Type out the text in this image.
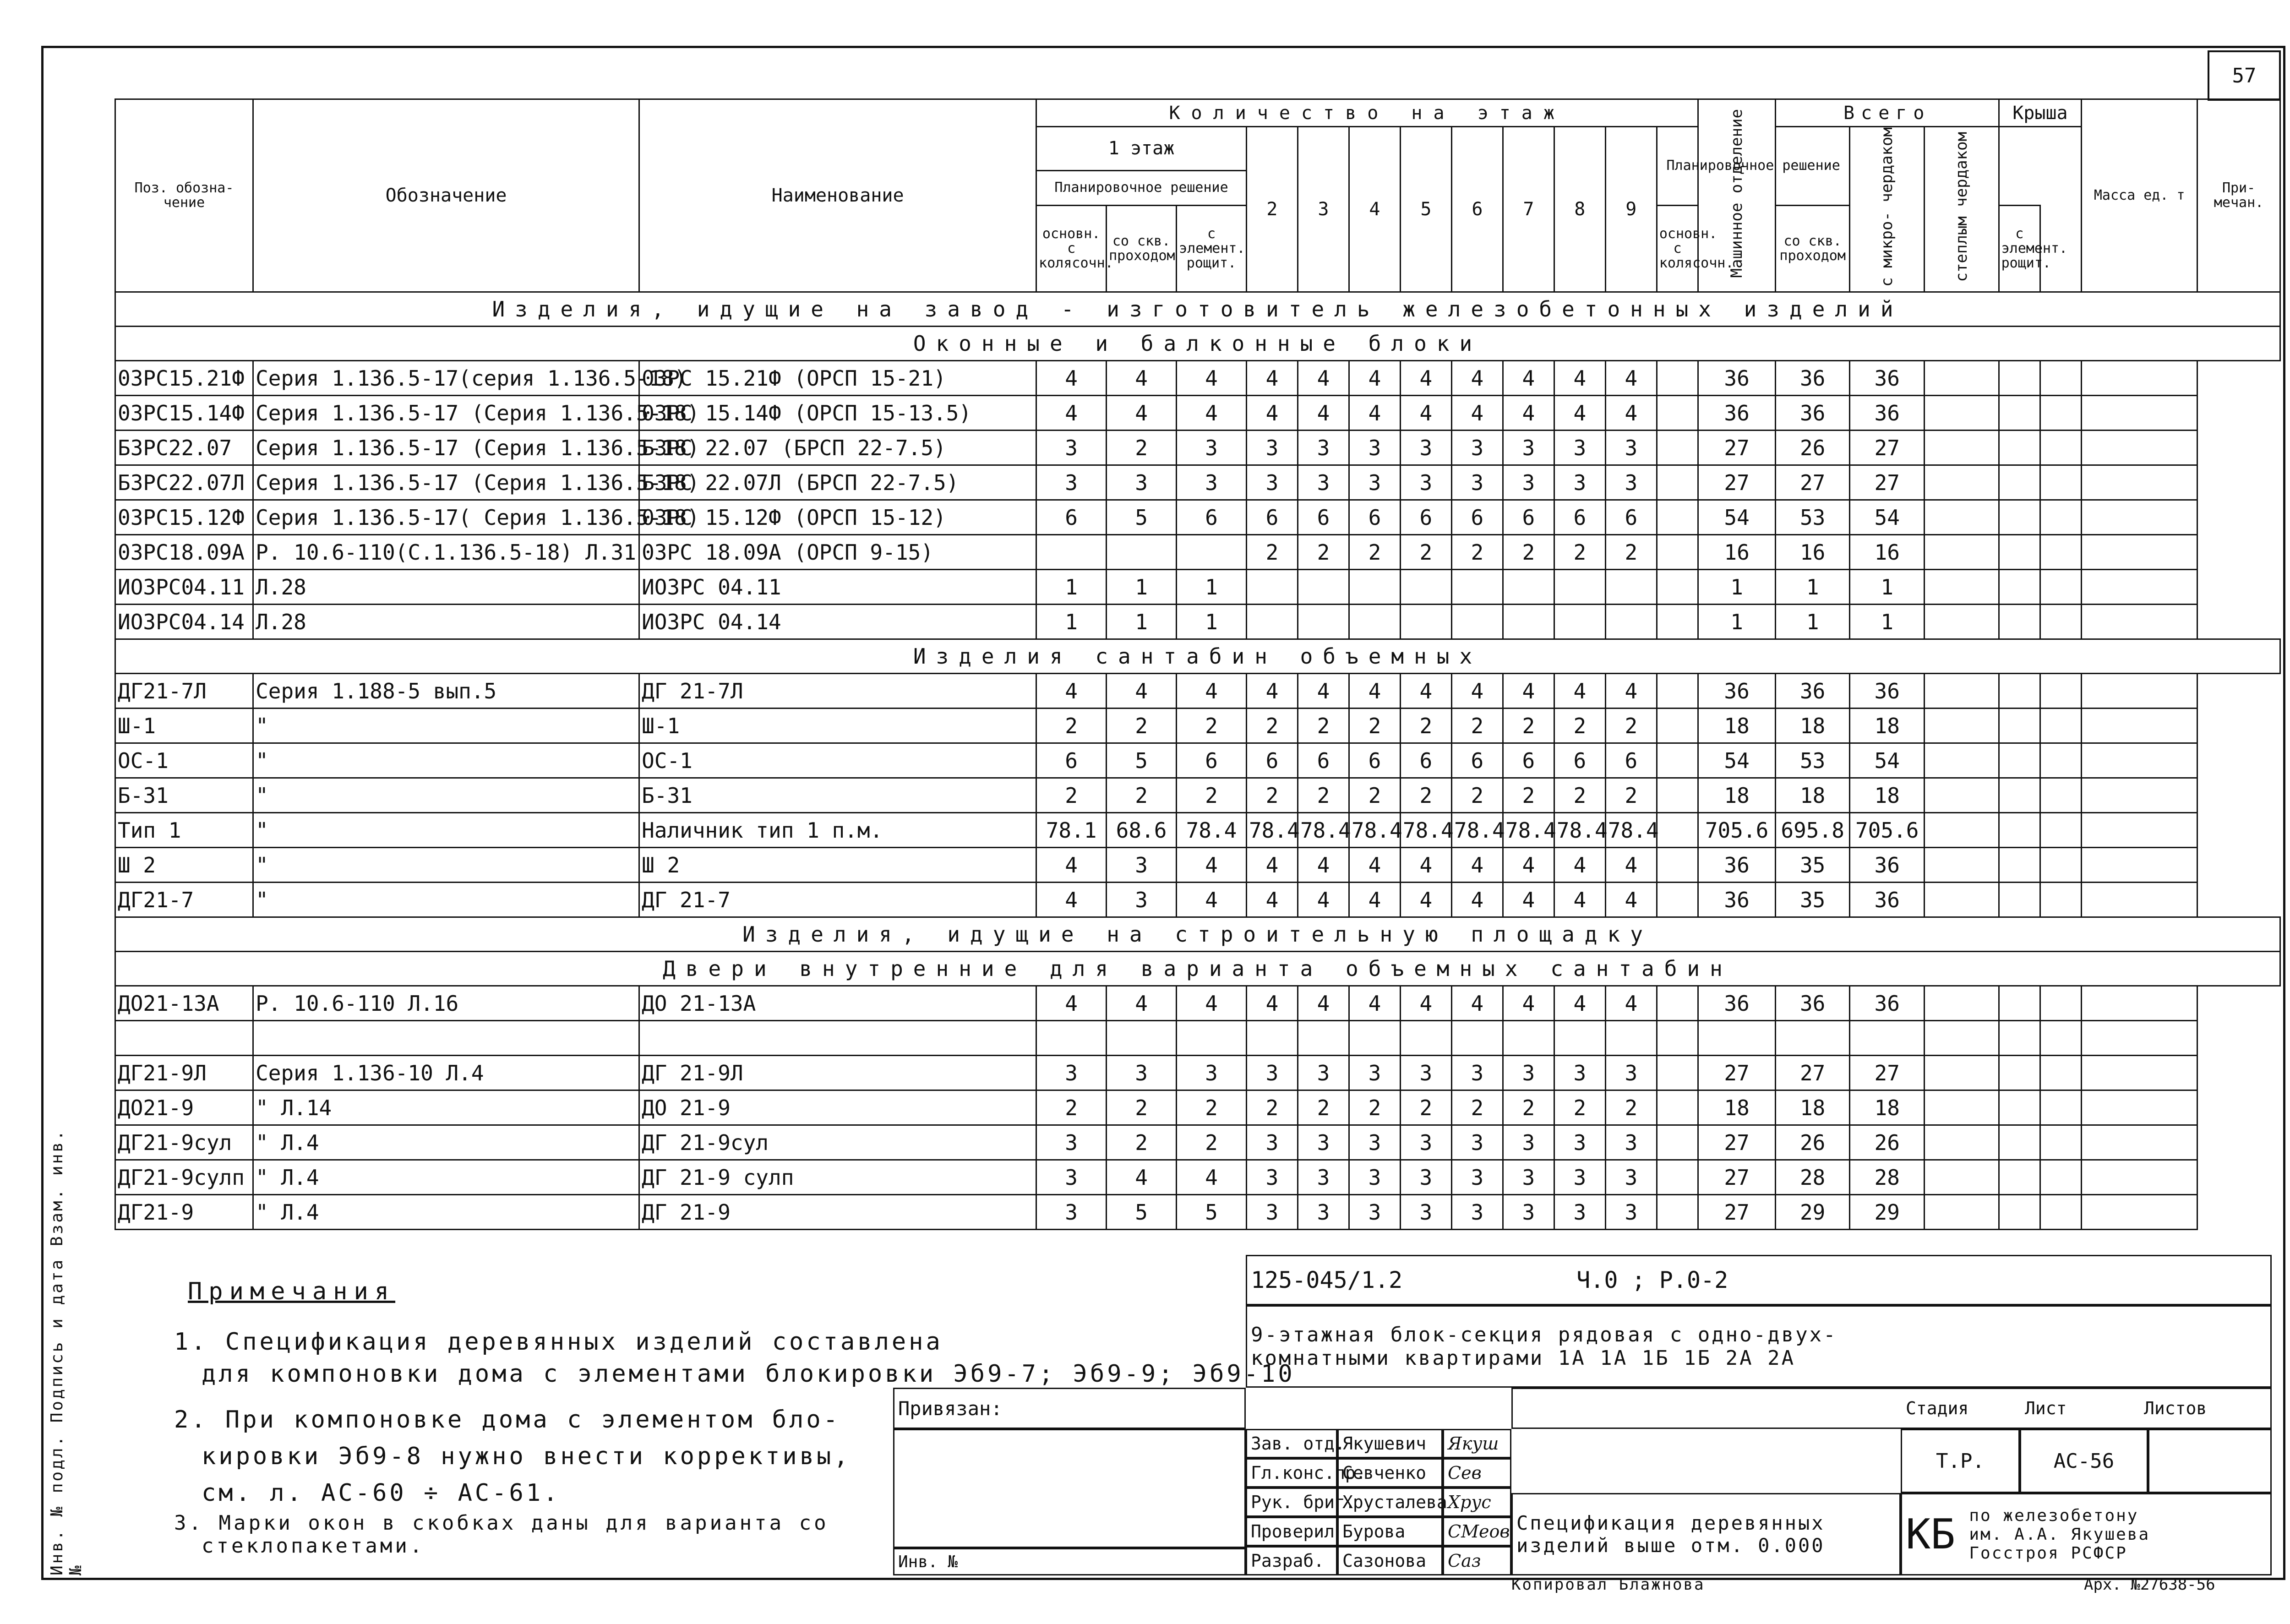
57
Инв. № подл. Подпись и дата Взам. инв.№
Поз. обозна- чение	Обозначение	Наименование	Количество на этаж												Машинное отделение	Всего			Крыша		Масса ед. т	При- мечан.
			1 этаж			2	3	4	5	6	7	8	9	Планировочное решение			с микро- чердаком	степлым чердаком				
			Планировочное решение																			
			основн. с колясочн.	со скв. проходом	с элемент. рощит.									основн. с колясочн.		со скв. проходом			с элемент. рощит.			
Изделия, идущие на завод - изготовитель железобетонных изделий																						
Оконные и балконные блоки																						
03РС15.21Ф	Серия 1.136.5-17(серия 1.136.5-18)	03РС 15.21Ф (ОРСП 15-21)	4	4	4	4	4	4	4	4	4	4	4		36	36	36					
03РС15.14Ф	Серия 1.136.5-17 (Серия 1.136.5-18)	03РС 15.14Ф (ОРСП 15-13.5)	4	4	4	4	4	4	4	4	4	4	4		36	36	36					
Б3РС22.07	Серия 1.136.5-17 (Серия 1.136.5-18)	Б3РС 22.07 (БРСП 22-7.5)	3	2	3	3	3	3	3	3	3	3	3		27	26	27					
Б3РС22.07Л	Серия 1.136.5-17 (Серия 1.136.5-18)	Б3РС 22.07Л (БРСП 22-7.5)	3	3	3	3	3	3	3	3	3	3	3		27	27	27					
03РС15.12Ф	Серия 1.136.5-17( Серия 1.136.5-18)	03РС 15.12Ф (ОРСП 15-12)	6	5	6	6	6	6	6	6	6	6	6		54	53	54					
03РС18.09А	Р. 10.6-110(С.1.136.5-18) Л.31	03РС 18.09А (ОРСП 9-15)				2	2	2	2	2	2	2	2		16	16	16					
ИО3РС04.11	Л.28	ИО3РС 04.11	1	1	1										1	1	1					
ИО3РС04.14	Л.28	ИО3РС 04.14	1	1	1										1	1	1					
Изделия сантабин объемных																						
ДГ21-7Л	Серия 1.188-5 вып.5	ДГ 21-7Л	4	4	4	4	4	4	4	4	4	4	4		36	36	36					
Ш-1	"	Ш-1	2	2	2	2	2	2	2	2	2	2	2		18	18	18					
ОС-1	"	ОС-1	6	5	6	6	6	6	6	6	6	6	6		54	53	54					
Б-31	"	Б-31	2	2	2	2	2	2	2	2	2	2	2		18	18	18					
Тип 1	"	Наличник тип 1 п.м.	78.1	68.6	78.4	78.4	78.4	78.4	78.4	78.4	78.4	78.4	78.4		705.6	695.8	705.6					
Ш 2	"	Ш 2	4	3	4	4	4	4	4	4	4	4	4		36	35	36					
ДГ21-7	"	ДГ 21-7	4	3	4	4	4	4	4	4	4	4	4		36	35	36					
Изделия, идущие на строительную площадку																						
Двери внутренние для варианта объемных сантабин																						
ДО21-13А	Р. 10.6-110 Л.16	ДО 21-13А	4	4	4	4	4	4	4	4	4	4	4		36	36	36					

ДГ21-9Л	Серия 1.136-10 Л.4	ДГ 21-9Л	3	3	3	3	3	3	3	3	3	3	3		27	27	27					
ДО21-9	" Л.14	ДО 21-9	2	2	2	2	2	2	2	2	2	2	2		18	18	18					
ДГ21-9сул	" Л.4	ДГ 21-9сул	3	2	2	3	3	3	3	3	3	3	3		27	26	26					
ДГ21-9сулп	" Л.4	ДГ 21-9 сулп	3	4	4	3	3	3	3	3	3	3	3		27	28	28					
ДГ21-9	" Л.4	ДГ 21-9	3	5	5	3	3	3	3	3	3	3	3		27	29	29					
Примечания
1. Спецификация деревянных изделий составлена
для компоновки дома с элементами блокировки Эб9-7; Эб9-9; Эб9-10
2. При компоновке дома с элементом бло-
кировки Эб9-8 нужно внести коррективы,
см. л. АС-60 ÷ АС-61.
3. Марки окон в скобках даны для варианта со
стеклопакетами.
125-045/1.2	Ч.0 ; Р.0-2
9-этажная блок-секция рядовая с одно-двух-
комнатными квартирами 1А 1А 1Б 1Б 2А 2А
Привязан:
Инв. №
Зав. отд.
Якушевич	Якуш
Гл.конс.пр.
Севченко	Сев
Рук. бриг.
Хрусталева Хрус
Проверил Бурова	СМеов
Разраб.	Сазонова	Саз
Стадия	Лист	Листов
Т.Р.	АС-56
Спецификация деревянных
изделий выше отм. 0.000 КБ по железобетону
им. А.А. Якушева
Госстроя РСФСР
Копировал Блажнова	Арх. №27638-56
